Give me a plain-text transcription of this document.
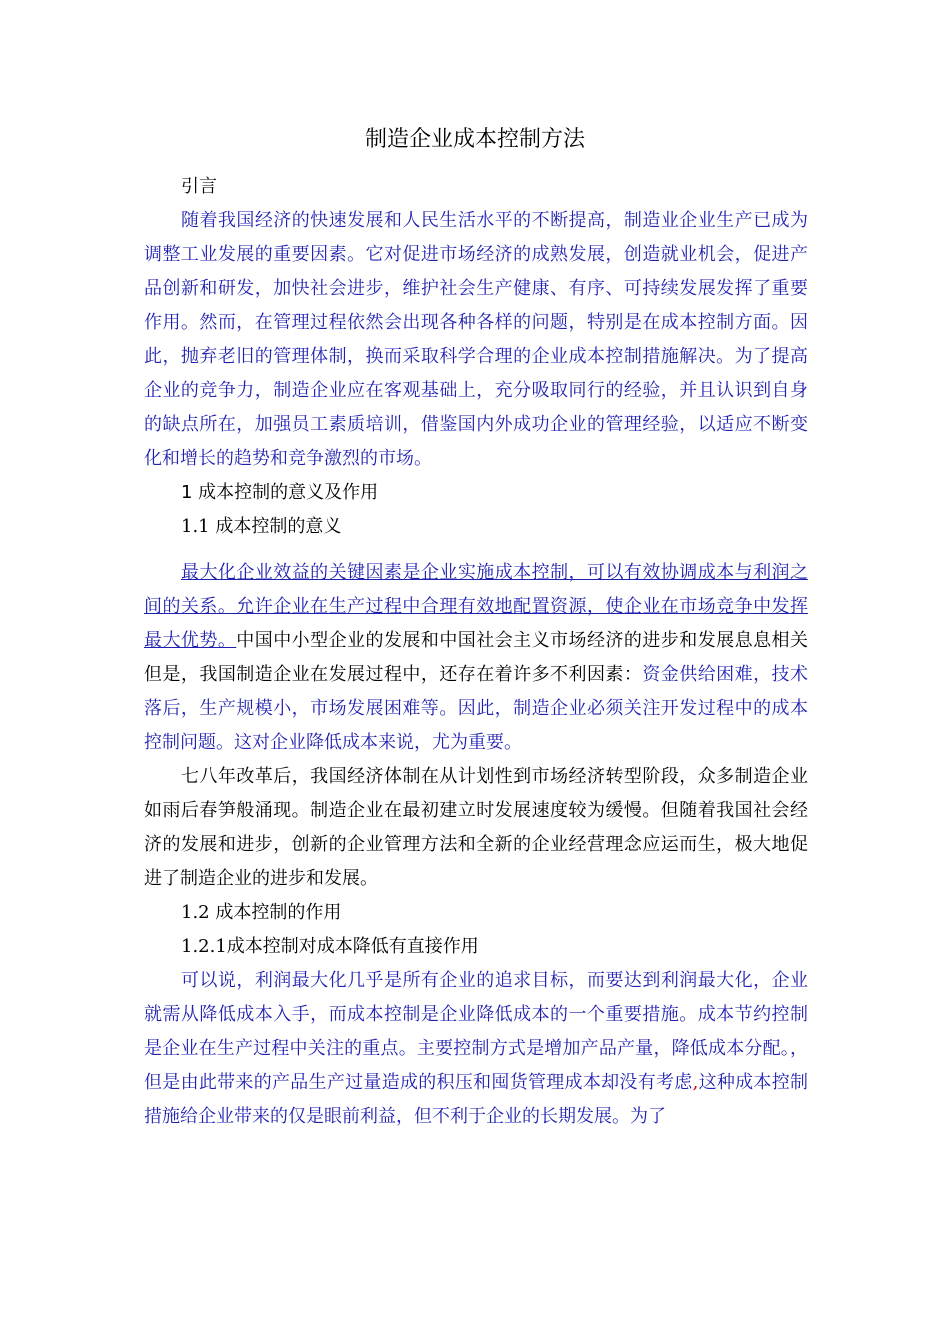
制造企业成本控制方法

引言

随着我国经济的快速发展和人民生活水平的不断提高，制造业企业生产已成为调整工业发展的重要因素。它对促进市场经济的成熟发展，创造就业机会，促进产品创新和研发，加快社会进步，维护社会生产健康、有序、可持续发展发挥了重要作用。然而，在管理过程依然会出现各种各样的问题，特别是在成本控制方面。因此，抛弃老旧的管理体制，换而采取科学合理的企业成本控制措施解决。为了提高企业的竞争力，制造企业应在客观基础上，充分吸取同行的经验，并且认识到自身的缺点所在，加强员工素质培训，借鉴国内外成功企业的管理经验，以适应不断变化和增长的趋势和竞争激烈的市场。

1 成本控制的意义及作用

1.1 成本控制的意义

最大化企业效益的关键因素是企业实施成本控制，可以有效协调成本与利润之间的关系。允许企业在生产过程中合理有效地配置资源，使企业在市场竞争中发挥最大优势。中国中小型企业的发展和中国社会主义市场经济的进步和发展息息相关但是，我国制造企业在发展过程中，还存在着许多不利因素：资金供给困难，技术落后，生产规模小，市场发展困难等。因此，制造企业必须关注开发过程中的成本控制问题。这对企业降低成本来说，尤为重要。

七八年改革后，我国经济体制在从计划性到市场经济转型阶段，众多制造企业如雨后春笋般涌现。制造企业在最初建立时发展速度较为缓慢。但随着我国社会经济的发展和进步，创新的企业管理方法和全新的企业经营理念应运而生，极大地促进了制造企业的进步和发展。

1.2 成本控制的作用

1.2.1成本控制对成本降低有直接作用

可以说，利润最大化几乎是所有企业的追求目标，而要达到利润最大化，企业就需从降低成本入手，而成本控制是企业降低成本的一个重要措施。成本节约控制是企业在生产过程中关注的重点。主要控制方式是增加产品产量，降低成本分配。，但是由此带来的产品生产过量造成的积压和囤货管理成本却没有考虑,这种成本控制措施给企业带来的仅是眼前利益，但不利于企业的长期发展。为了
